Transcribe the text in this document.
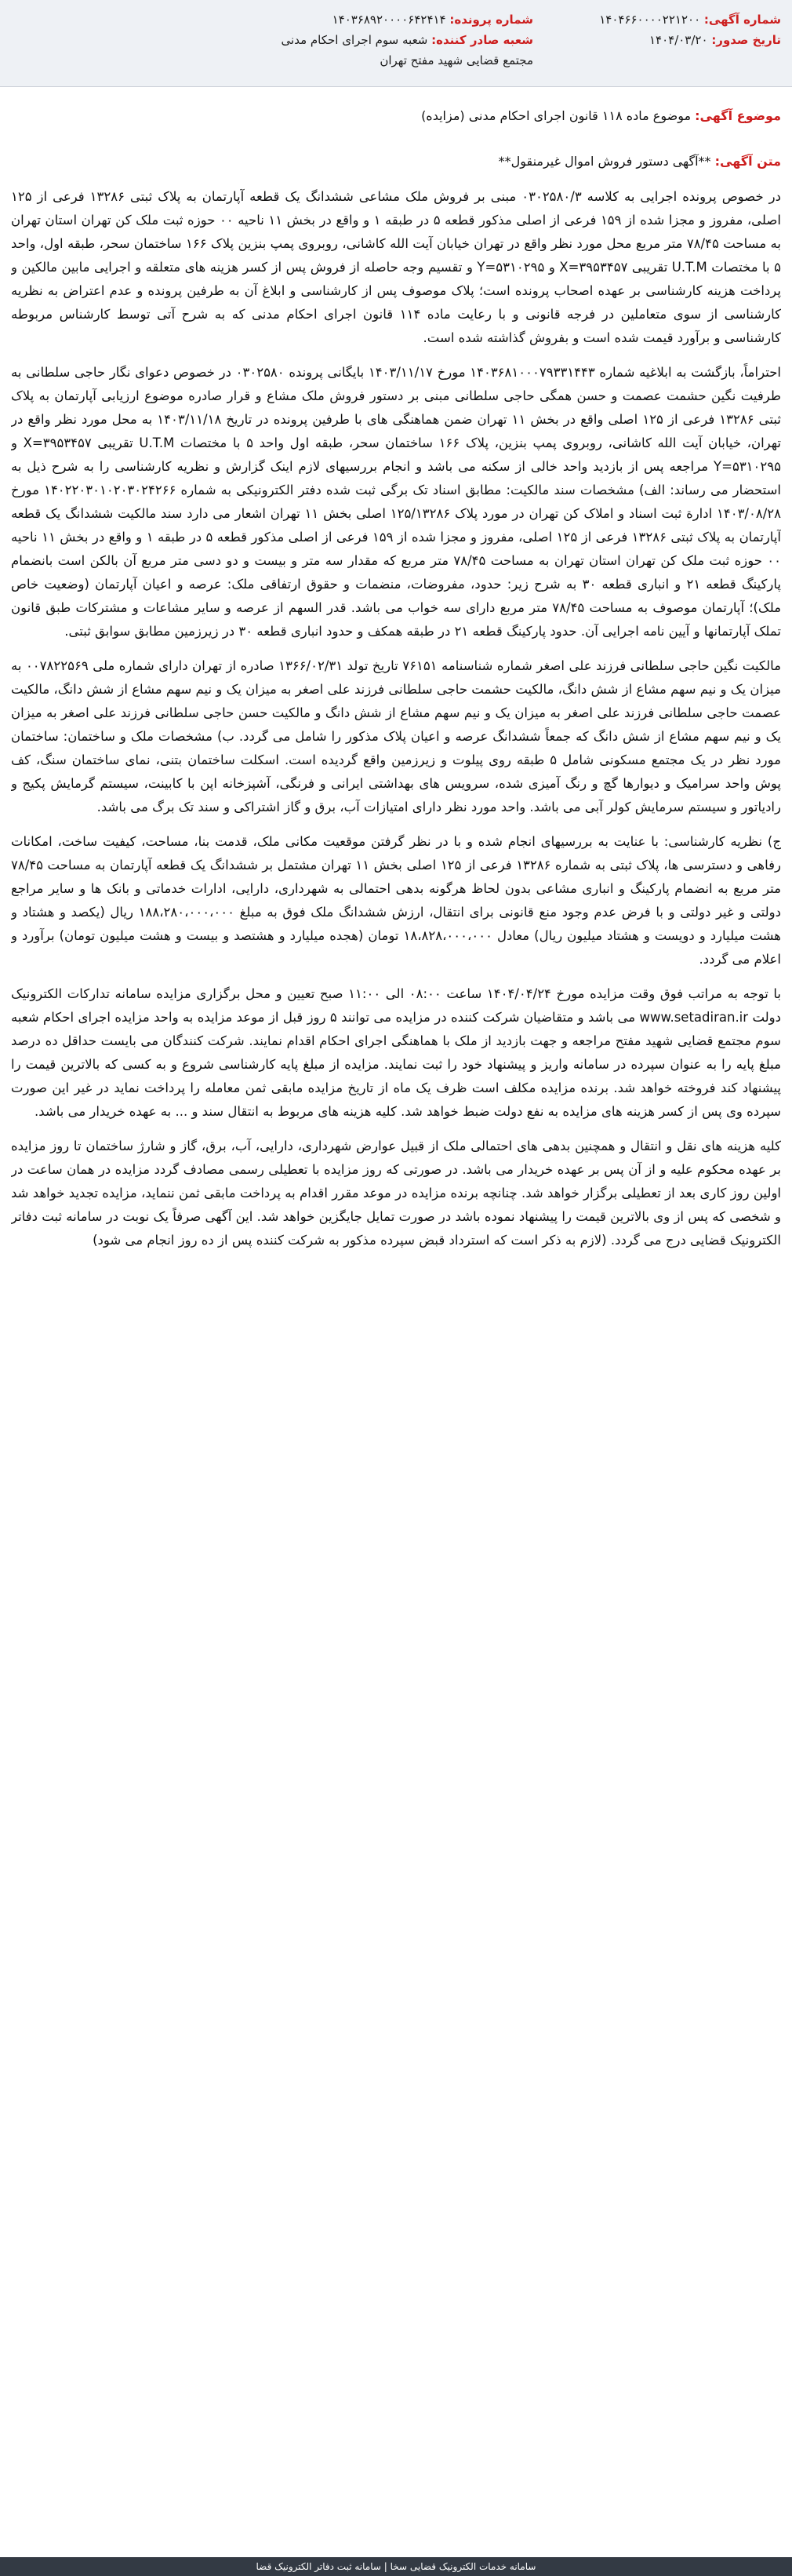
شماره آگهی: ۱۴۰۴۶۶۰۰۰۰۲۲۱۲۰۰
تاریخ صدور: ۱۴۰۴/۰۳/۲۰
شماره پرونده: ۱۴۰۳۶۸۹۲۰۰۰۰۶۴۲۴۱۴
شعبه صادر کننده: شعبه سوم اجرای احکام مدنی مجتمع قضایی شهید مفتح تهران
موضوع آگهی: موضوع ماده ۱۱۸ قانون اجرای احکام مدنی (مزایده)
متن آگهی: **آگهی دستور فروش اموال غیرمنقول**

در خصوص پرونده اجرایی به کلاسه ۰۳۰۲۵۸۰/۳ مبنی بر فروش ملک مشاعی ششدانگ یک قطعه آپارتمان به پلاک ثبتی ۱۳۲۸۶ فرعی از ۱۲۵ اصلی، مفروز و مجزا شده از ۱۵۹ فرعی از اصلی مذکور قطعه ۵ در طبقه ۱ و واقع در بخش ۱۱ ناحیه ۰۰ حوزه ثبت ملک کن تهران استان تهران به مساحت ۷۸/۴۵ متر مربع محل مورد نظر واقع در تهران خیابان آیت الله کاشانی، روبروی پمپ بنزین پلاک ۱۶۶ ساختمان سحر، طبقه اول، واحد ۵ با مختصات U.T.M تقریبی X=۳۹۵۳۴۵۷ و Y=۵۳۱۰۲۹۵ و تقسیم وجه حاصله از فروش پس از کسر هزینه های متعلقه و اجرایی مابین مالکین و پرداخت هزینه کارشناسی بر عهده اصحاب پرونده است؛ پلاک موصوف پس از کارشناسی و ابلاغ آن به طرفین پرونده و عدم اعتراض به نظریه کارشناسی از سوی متعاملین در فرجه قانونی و با رعایت ماده ۱۱۴ قانون اجرای احکام مدنی که به شرح آتی توسط کارشناس مربوطه کارشناسی و برآورد قیمت شده است و بفروش گذاشته شده است.

احتراماً، بازگشت به ابلاغیه شماره ۱۴۰۳۶۸۱۰۰۰۷۹۳۳۱۴۴۳ مورخ ۱۴۰۳/۱۱/۱۷ بایگانی پرونده ۰۳۰۲۵۸۰ در خصوص دعوای نگار حاجی سلطانی به طرفیت نگین حشمت عصمت و حسن همگی حاجی سلطانی مبنی بر دستور فروش ملک مشاع و قرار صادره موضوع ارزیابی آپارتمان به پلاک ثبتی ۱۳۲۸۶ فرعی از ۱۲۵ اصلی واقع در بخش ۱۱ تهران ضمن هماهنگی های با طرفین پرونده در تاریخ ۱۴۰۳/۱۱/۱۸ به محل مورد نظر واقع در تهران، خیابان آیت الله کاشانی، روبروی پمپ بنزین، پلاک ۱۶۶ ساختمان سحر، طبقه اول واحد ۵ با مختصات U.T.M تقریبی X=۳۹۵۳۴۵۷ و Y=۵۳۱۰۲۹۵ مراجعه پس از بازدید واحد خالی از سکنه می باشد و انجام بررسیهای لازم اینک گزارش و نظریه کارشناسی را به شرح ذیل به استحضار می رساند: الف) مشخصات سند مالکیت: مطابق اسناد تک برگی ثبت شده دفتر الکترونیکی به شماره ۱۴۰۲۲۰۳۰۱۰۲۰۳۰۲۴۲۶۶ مورخ ۱۴۰۳/۰۸/۲۸ ادارة ثبت اسناد و املاک کن تهران در مورد پلاک ۱۲۵/۱۳۲۸۶ اصلی بخش ۱۱ تهران اشعار می دارد سند مالکیت ششدانگ یک قطعه آپارتمان به پلاک ثبتی ۱۳۲۸۶ فرعی از ۱۲۵ اصلی، مفروز و مجزا شده از ۱۵۹ فرعی از اصلی مذکور قطعه ۵ در طبقه ۱ و واقع در بخش ۱۱ ناحیه ۰۰ حوزه ثبت ملک کن تهران استان تهران به مساحت ۷۸/۴۵ متر مربع که مقدار سه متر و بیست و دو دسی متر مربع آن بالکن است بانضمام پارکینگ قطعه ۲۱ و انباری قطعه ۳۰ به شرح زیر: حدود، مفروضات، منضمات و حقوق ارتفاقی ملک: عرصه و اعیان آپارتمان (وضعیت خاص ملک)؛ آپارتمان موصوف به مساحت ۷۸/۴۵ متر مربع دارای سه خواب می باشد. قدر السهم از عرصه و سایر مشاعات و مشترکات طبق قانون تملک آپارتمانها و آیین نامه اجرایی آن. حدود پارکینگ قطعه ۲۱ در طبقه همکف و حدود انباری قطعه ۳۰ در زیرزمین مطابق سوابق ثبتی.

مالکیت نگین حاجی سلطانی فرزند علی اصغر شماره شناسنامه ۷۶۱۵۱ تاریخ تولد ۱۳۶۶/۰۲/۳۱ صادره از تهران دارای شماره ملی ۰۰۷۸۲۲۵۶۹ به میزان یک و نیم سهم مشاع از شش دانگ، مالکیت حشمت حاجی سلطانی فرزند علی اصغر به میزان یک و نیم سهم مشاع از شش دانگ، مالکیت عصمت حاجی سلطانی فرزند علی اصغر به میزان یک و نیم سهم مشاع از شش دانگ و مالکیت حسن حاجی سلطانی فرزند علی اصغر به میزان یک و نیم سهم مشاع از شش دانگ که جمعاً ششدانگ عرصه و اعیان پلاک مذکور را شامل می گردد. ب) مشخصات ملک و ساختمان: ساختمان مورد نظر در یک مجتمع مسکونی شامل ۵ طبقه روی پیلوت و زیرزمین واقع گردیده است. اسکلت ساختمان بتنی، نمای ساختمان سنگ، کف پوش واحد سرامیک و دیوارها گچ و رنگ آمیزی شده، سرویس های بهداشتی ایرانی و فرنگی، آشپزخانه اپن با کابینت، سیستم گرمایش پکیج و رادیاتور و سیستم سرمایش کولر آبی می باشد. واحد مورد نظر دارای امتیازات آب، برق و گاز اشتراکی و سند تک برگ می باشد.

ج) نظریه کارشناسی: با عنایت به بررسیهای انجام شده و با در نظر گرفتن موقعیت مکانی ملک، قدمت بنا، مساحت، کیفیت ساخت، امکانات رفاهی و دسترسی ها، پلاک ثبتی به شماره ۱۳۲۸۶ فرعی از ۱۲۵ اصلی بخش ۱۱ تهران مشتمل بر ششدانگ یک قطعه آپارتمان به مساحت ۷۸/۴۵ متر مربع به انضمام پارکینگ و انباری مشاعی بدون لحاظ هرگونه بدهی احتمالی به شهرداری، دارایی، ادارات خدماتی و بانک ها و سایر مراجع دولتی و غیر دولتی و با فرض عدم وجود منع قانونی برای انتقال، ارزش ششدانگ ملک فوق به مبلغ ۱۸۸،۲۸۰،۰۰۰،۰۰۰ ریال (یکصد و هشتاد و هشت میلیارد و دویست و هشتاد میلیون ریال) معادل ۱۸،۸۲۸،۰۰۰،۰۰۰ تومان (هجده میلیارد و هشتصد و بیست و هشت میلیون تومان) برآورد و اعلام می گردد.

با توجه به مراتب فوق وقت مزایده مورخ ۱۴۰۴/۰۴/۲۴ ساعت ۰۸:۰۰ الی ۱۱:۰۰ صبح تعیین و محل برگزاری مزایده سامانه تدارکات الکترونیک دولت www.setadiran.ir می باشد و متقاضیان شرکت کننده در مزایده می توانند ۵ روز قبل از موعد مزایده به واحد مزایده اجرای احکام شعبه سوم مجتمع قضایی شهید مفتح مراجعه و جهت بازدید از ملک با هماهنگی اجرای احکام اقدام نمایند. شرکت کنندگان می بایست حداقل ده درصد مبلغ پایه را به عنوان سپرده در سامانه واریز و پیشنهاد خود را ثبت نمایند. مزایده از مبلغ پایه کارشناسی شروع و به کسی که بالاترین قیمت را پیشنهاد کند فروخته خواهد شد. برنده مزایده مکلف است ظرف یک ماه از تاریخ مزایده مابقی ثمن معامله را پرداخت نماید در غیر این صورت سپرده وی پس از کسر هزینه های مزایده به نفع دولت ضبط خواهد شد. کلیه هزینه های مربوط به انتقال سند و ... به عهده خریدار می باشد.

کلیه هزینه های نقل و انتقال و همچنین بدهی های احتمالی ملک از قبیل عوارض شهرداری، دارایی، آب، برق، گاز و شارژ ساختمان تا روز مزایده بر عهده محکوم علیه و از آن پس بر عهده خریدار می باشد. در صورتی که روز مزایده با تعطیلی رسمی مصادف گردد مزایده در همان ساعت در اولین روز کاری بعد از تعطیلی برگزار خواهد شد. چنانچه برنده مزایده در موعد مقرر اقدام به پرداخت مابقی ثمن ننماید، مزایده تجدید خواهد شد و شخصی که پس از وی بالاترین قیمت را پیشنهاد نموده باشد در صورت تمایل جایگزین خواهد شد. این آگهی صرفاً یک نوبت در سامانه ثبت دفاتر الکترونیک قضایی درج می گردد. (لازم به ذکر است که استرداد قبض سپرده مذکور به شرکت کننده پس از ده روز انجام می شود)

سامانه خدمات الکترونیک قضایی سخا | سامانه ثبت دفاتر الکترونیک قضا
